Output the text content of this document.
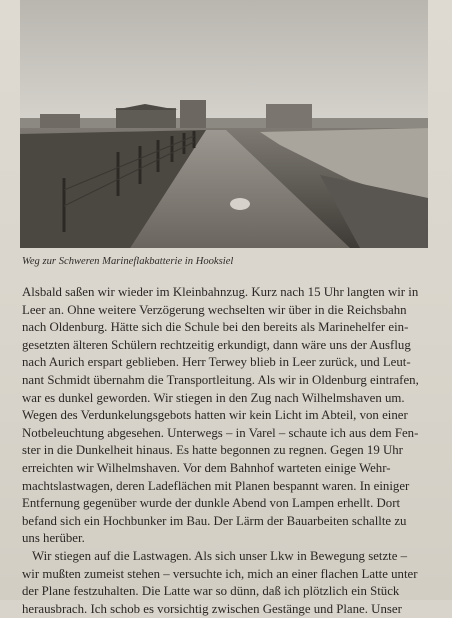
Weg zur Schweren Marineflakbatterie in Hooksiel
Alsbald saßen wir wieder im Kleinbahnzug. Kurz nach 15 Uhr langten wir in
Leer an. Ohne weitere Verzögerung wechselten wir über in die Reichsbahn
nach Oldenburg. Hätte sich die Schule bei den bereits als Marinehelfer ein-
gesetzten älteren Schülern rechtzeitig erkundigt, dann wäre uns der Ausflug
nach Aurich erspart geblieben. Herr Terwey blieb in Leer zurück, und Leut-
nant Schmidt übernahm die Transportleitung. Als wir in Oldenburg eintrafen,
war es dunkel geworden. Wir stiegen in den Zug nach Wilhelmshaven um.
Wegen des Verdunkelungsgebots hatten wir kein Licht im Abteil, von einer
Notbeleuchtung abgesehen. Unterwegs – in Varel – schaute ich aus dem Fen-
ster in die Dunkelheit hinaus. Es hatte begonnen zu regnen. Gegen 19 Uhr
erreichten wir Wilhelmshaven. Vor dem Bahnhof warteten einige Wehr-
machtslastwagen, deren Ladeflächen mit Planen bespannt waren. In einiger
Entfernung gegenüber wurde der dunkle Abend von Lampen erhellt. Dort
befand sich ein Hochbunker im Bau. Der Lärm der Bauarbeiten schallte zu
uns herüber.
Wir stiegen auf die Lastwagen. Als sich unser Lkw in Bewegung setzte –
wir mußten zumeist stehen – versuchte ich, mich an einer flachen Latte unter
der Plane festzuhalten. Die Latte war so dünn, daß ich plötzlich ein Stück
herausbrach. Ich schob es vorsichtig zwischen Gestänge und Plane. Unser
